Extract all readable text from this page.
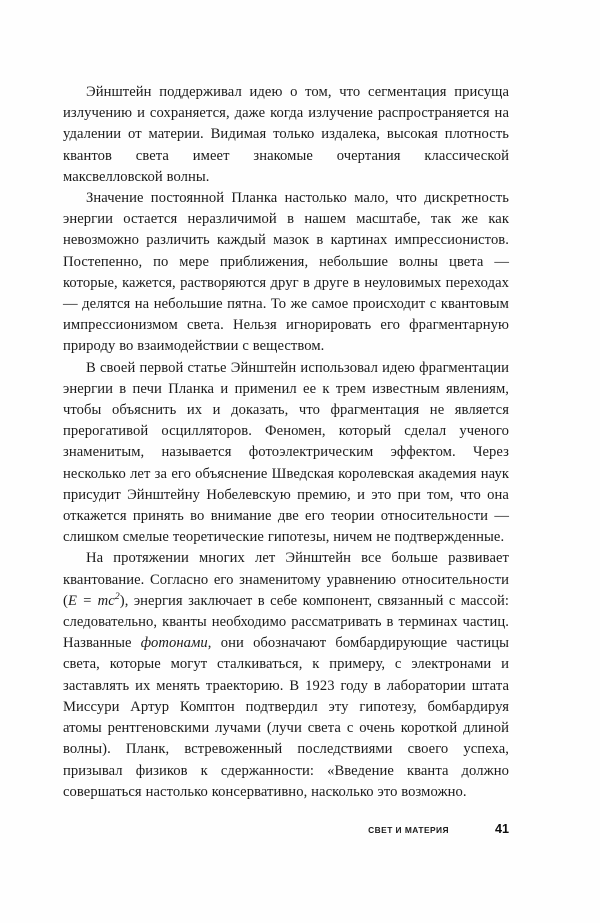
Эйнштейн поддерживал идею о том, что сегментация присуща излучению и сохраняется, даже когда излучение распространяется на удалении от материи. Видимая только издалека, высокая плотность квантов света имеет знакомые очертания классической максвелловской волны.

Значение постоянной Планка настолько мало, что дискретность энергии остается неразличимой в нашем масштабе, так же как невозможно различить каждый мазок в картинах импрессионистов. Постепенно, по мере приближения, небольшие волны цвета — которые, кажется, растворяются друг в друге в неуловимых переходах — делятся на небольшие пятна. То же самое происходит с квантовым импрессионизмом света. Нельзя игнорировать его фрагментарную природу во взаимодействии с веществом.

В своей первой статье Эйнштейн использовал идею фрагментации энергии в печи Планка и применил ее к трем известным явлениям, чтобы объяснить их и доказать, что фрагментация не является прерогативой осцилляторов. Феномен, который сделал ученого знаменитым, называется фотоэлектрическим эффектом. Через несколько лет за его объяснение Шведская королевская академия наук присудит Эйнштейну Нобелевскую премию, и это при том, что она откажется принять во внимание две его теории относительности — слишком смелые теоретические гипотезы, ничем не подтвержденные.

На протяжении многих лет Эйнштейн все больше развивает квантование. Согласно его знаменитому уравнению относительности $(E = mc^2)$, энергия заключает в себе компонент, связанный с массой: следовательно, кванты необходимо рассматривать в терминах частиц. Названные фотонами, они обозначают бомбардирующие частицы света, которые могут сталкиваться, к примеру, с электронами и заставлять их менять траекторию. В 1923 году в лаборатории штата Миссури Артур Комптон подтвердил эту гипотезу, бомбардируя атомы рентгеновскими лучами (лучи света с очень короткой длиной волны). Планк, встревоженный последствиями своего успеха, призывал физиков к сдержанности: «Введение кванта должно совершаться настолько консервативно, насколько это возможно.

СВЕТ И МАТЕРИЯ	41
